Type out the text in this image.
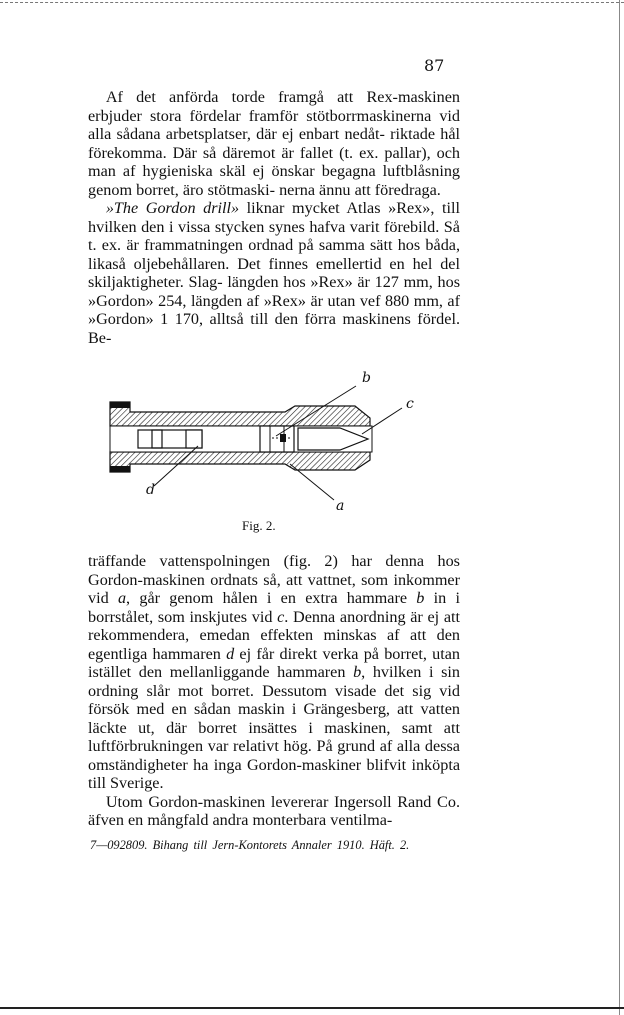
87

Af det anförda torde framgå att Rex-maskinen erbjuder stora fördelar framför stötborrmaskinerna vid alla sådana arbetsplatser, där ej enbart nedåt- riktade hål förekomma. Där så däremot är fallet (t. ex. pallar), och man af hygieniska skäl ej önskar begagna luftblåsning genom borret, äro stötmaski- nerna ännu att föredraga.

»The Gordon drill» liknar mycket Atlas »Rex», till hvilken den i vissa stycken synes hafva varit förebild. Så t. ex. är frammatningen ordnad på samma sätt hos båda, likaså oljebehållaren. Det finnes emellertid en hel del skiljaktigheter. Slag- längden hos »Rex» är 127 mm, hos »Gordon» 254, längden af »Rex» är utan vef 880 mm, af »Gordon» 1 170, alltså till den förra maskinens fördel. Be-

b
c
d
a
Fig. 2.

träffande vattenspolningen (fig. 2) har denna hos Gordon-maskinen ordnats så, att vattnet, som inkommer vid a, går genom hålen i en extra hammare b in i borrstålet, som inskjutes vid c. Denna anordning är ej att rekommendera, emedan effekten minskas af att den egentliga hammaren d ej får direkt verka på borret, utan istället den mellanliggande hammaren b, hvilken i sin ordning slår mot borret. Dessutom visade det sig vid försök med en sådan maskin i Grängesberg, att vatten läckte ut, där borret insättes i maskinen, samt att luftförbrukningen var relativt hög. På grund af alla dessa omständigheter ha inga Gordon-maskiner blifvit inköpta till Sverige.

Utom Gordon-maskinen levererar Ingersoll Rand Co. äfven en mångfald andra monterbara ventilma-

7—092809. Bihang till Jern-Kontorets Annaler 1910. Häft. 2.
